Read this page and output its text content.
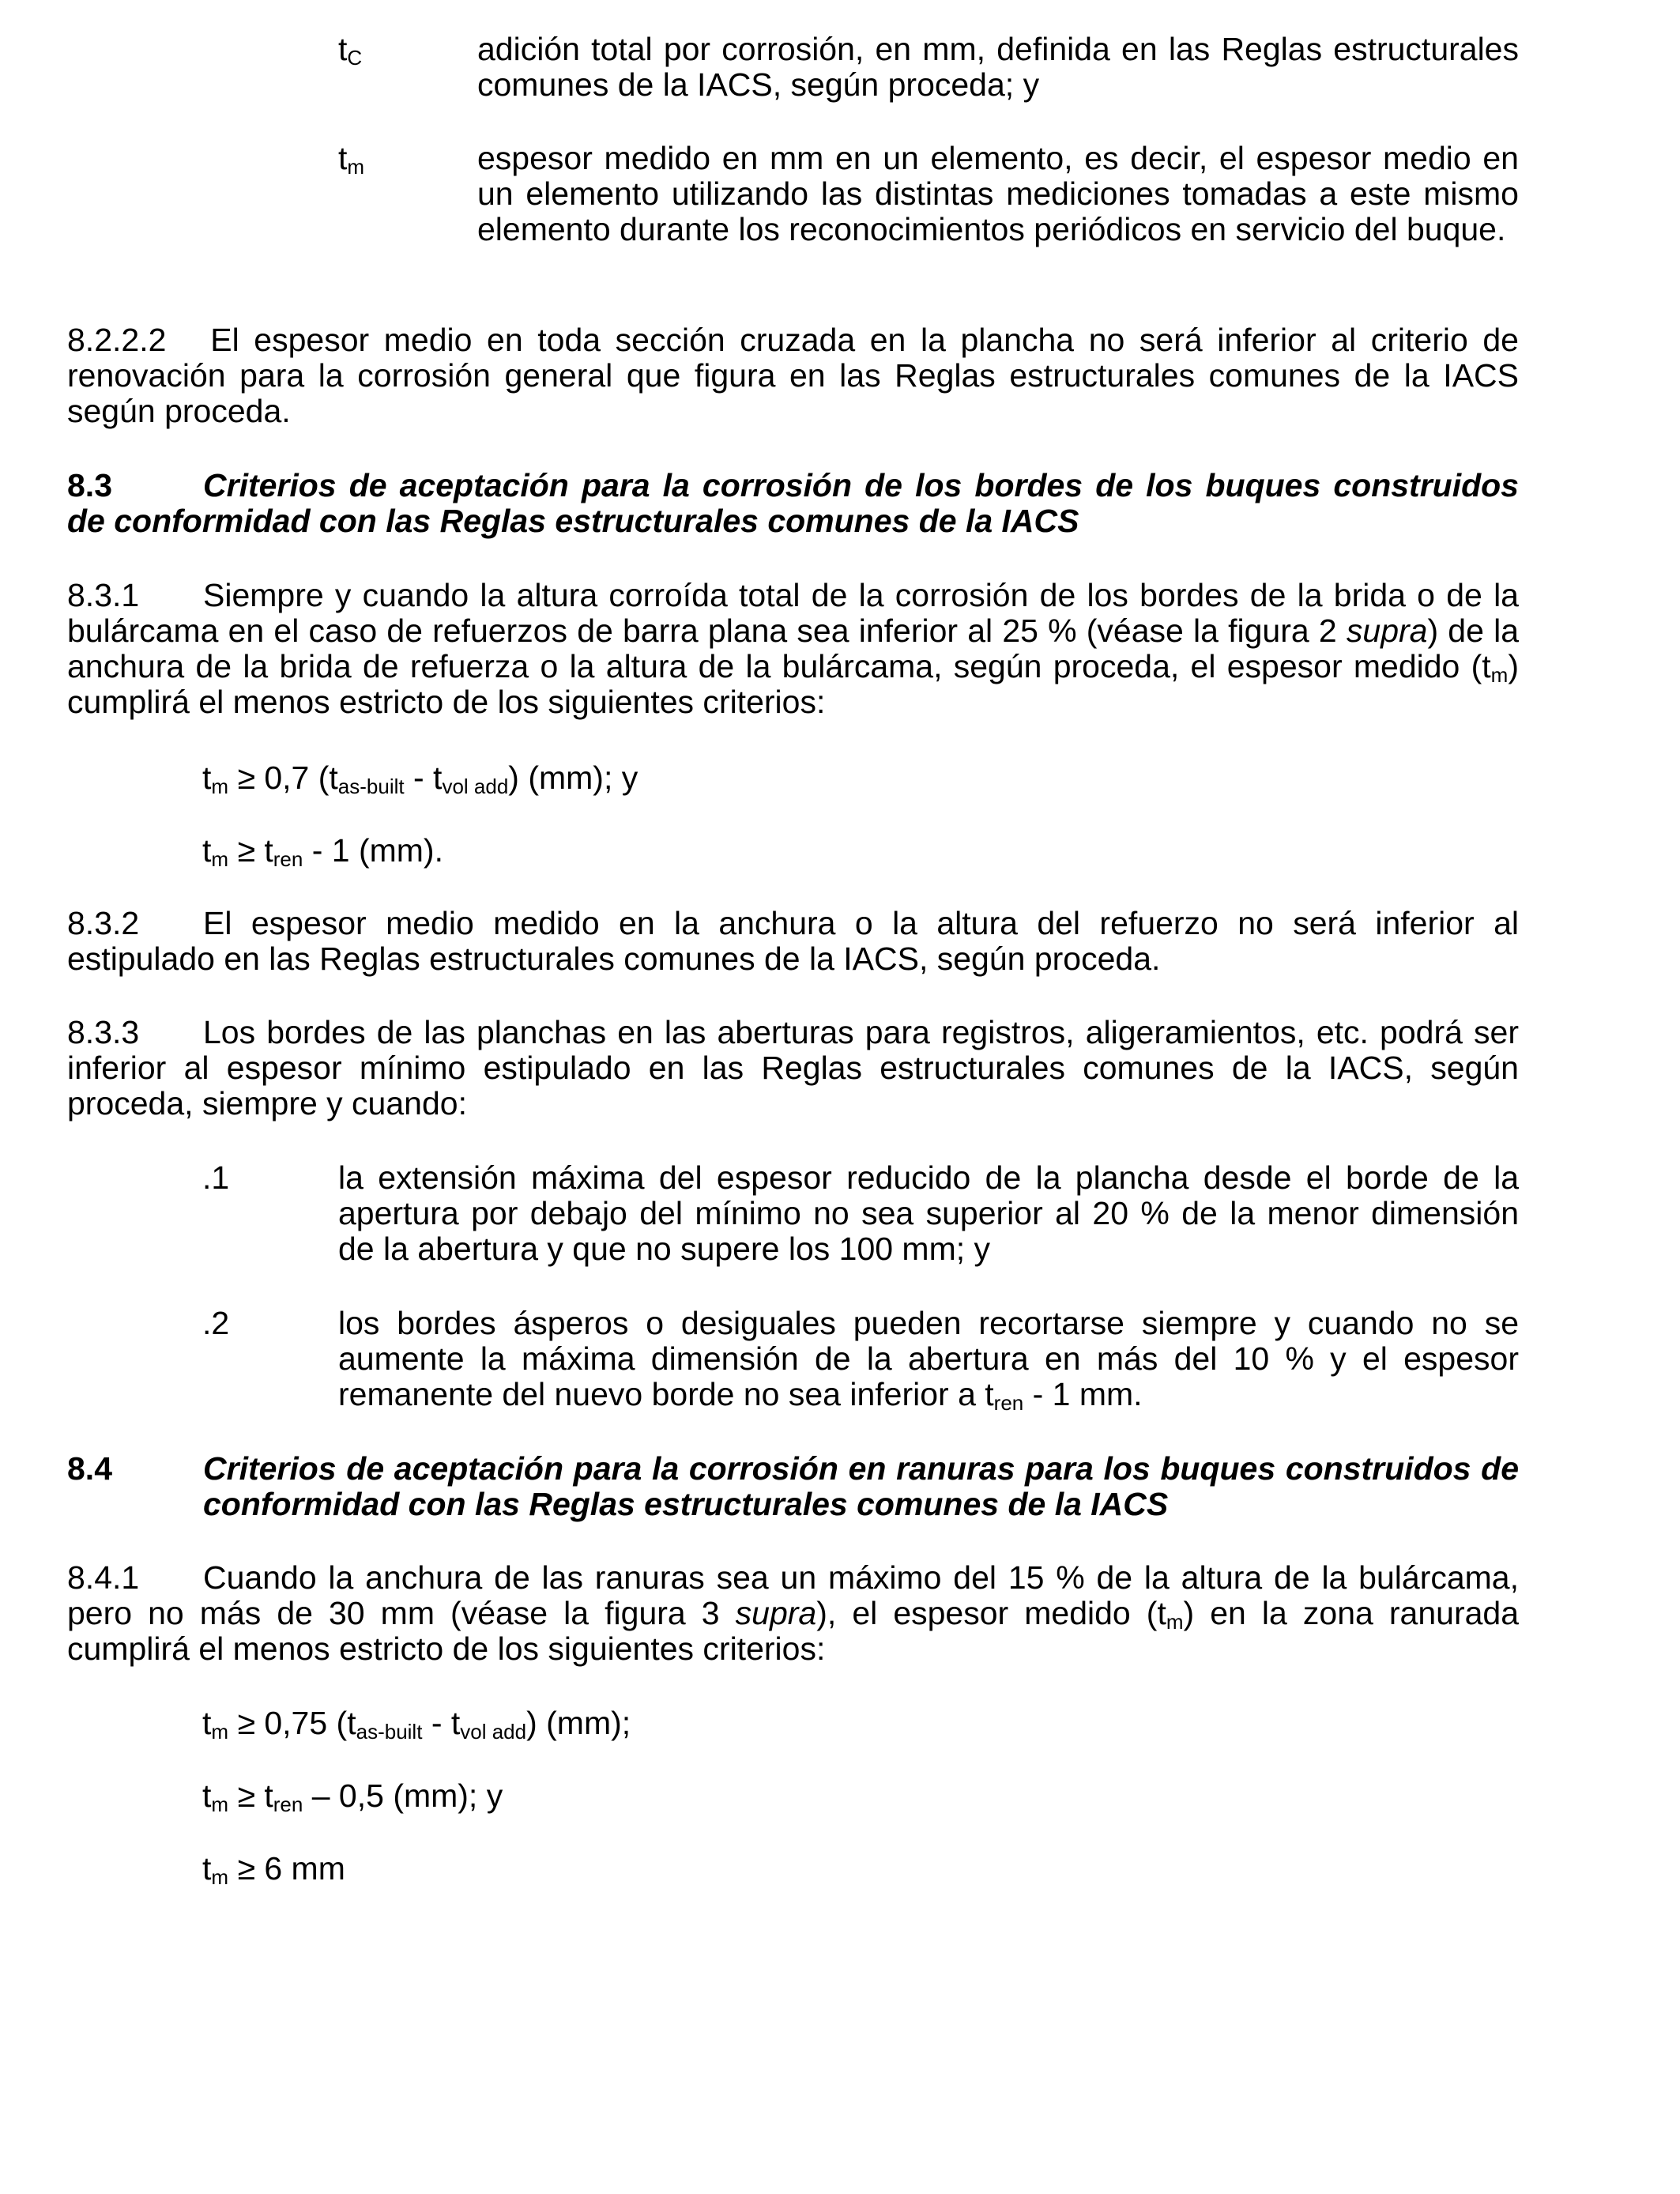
$t_C$	adición total por corrosión, en mm, definida en las Reglas estructurales comunes de la IACS, según proceda; y
$t_m$	espesor medido en mm en un elemento, es decir, el espesor medio en un elemento utilizando las distintas mediciones tomadas a este mismo elemento durante los reconocimientos periódicos en servicio del buque.
8.2.2.2 El espesor medio en toda sección cruzada en la plancha no será inferior al criterio de renovación para la corrosión general que figura en las Reglas estructurales comunes de la IACS según proceda.
8.3	Criterios de aceptación para la corrosión de los bordes de los buques construidos de conformidad con las Reglas estructurales comunes de la IACS
8.3.1 Siempre y cuando la altura corroída total de la corrosión de los bordes de la brida o de la bulárcama en el caso de refuerzos de barra plana sea inferior al 25 % (véase la figura 2 supra) de la anchura de la brida de refuerza o la altura de la bulárcama, según proceda, el espesor medido $(t_m)$ cumplirá el menos estricto de los siguientes criterios:
$t_m \ge 0,7$ $(t_{as-built} - t_{vol add})$ (mm); y
$t_m \ge t_{ren} - 1$ (mm).
8.3.2 El espesor medio medido en la anchura o la altura del refuerzo no será inferior al estipulado en las Reglas estructurales comunes de la IACS, según proceda.
8.3.3 Los bordes de las planchas en las aberturas para registros, aligeramientos, etc. podrá ser inferior al espesor mínimo estipulado en las Reglas estructurales comunes de la IACS, según proceda, siempre y cuando:
.1	la extensión máxima del espesor reducido de la plancha desde el borde de la apertura por debajo del mínimo no sea superior al 20 % de la menor dimensión de la abertura y que no supere los 100 mm; y
.2	los bordes ásperos o desiguales pueden recortarse siempre y cuando no se aumente la máxima dimensión de la abertura en más del 10 % y el espesor remanente del nuevo borde no sea inferior a $t_{ren} - 1$ mm.
8.4	Criterios de aceptación para la corrosión en ranuras para los buques construidos de conformidad con las Reglas estructurales comunes de la IACS
8.4.1 Cuando la anchura de las ranuras sea un máximo del 15 % de la altura de la bulárcama, pero no más de 30 mm (véase la figura 3 supra), el espesor medido $(t_m)$ en la zona ranurada cumplirá el menos estricto de los siguientes criterios:
$t_m \ge 0,75$ $(t_{as-built} - t_{vol add})$ (mm);
$t_m \ge t_{ren} - 0,5$ (mm); y
$t_m \ge 6$ mm
